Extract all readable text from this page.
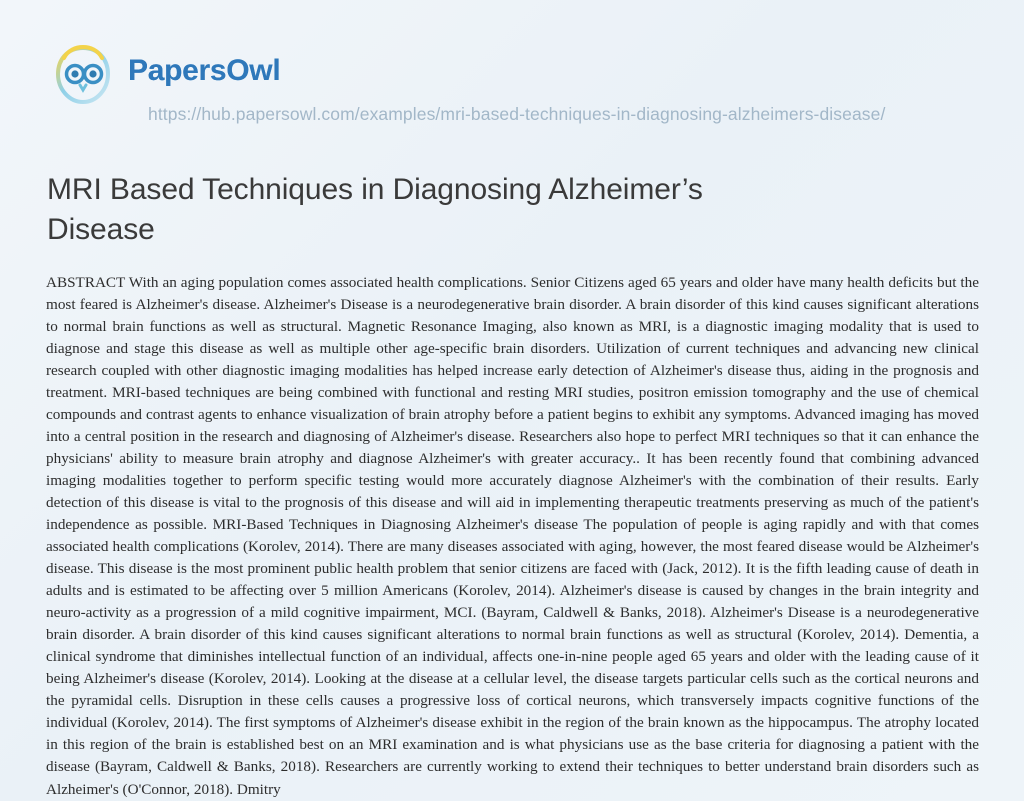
PapersOwl
https://hub.papersowl.com/examples/mri-based-techniques-in-diagnosing-alzheimers-disease/
MRI Based Techniques in Diagnosing Alzheimer’s Disease

ABSTRACT With an aging population comes associated health complications. Senior Citizens aged 65 years and older have many health deficits but the most feared is Alzheimer's disease. Alzheimer's Disease is a neurodegenerative brain disorder. A brain disorder of this kind causes significant alterations to normal brain functions as well as structural. Magnetic Resonance Imaging, also known as MRI, is a diagnostic imaging modality that is used to diagnose and stage this disease as well as multiple other age-specific brain disorders. Utilization of current techniques and advancing new clinical research coupled with other diagnostic imaging modalities has helped increase early detection of Alzheimer's disease thus, aiding in the prognosis and treatment. MRI-based techniques are being combined with functional and resting MRI studies, positron emission tomography and the use of chemical compounds and contrast agents to enhance visualization of brain atrophy before a patient begins to exhibit any symptoms. Advanced imaging has moved into a central position in the research and diagnosing of Alzheimer's disease. Researchers also hope to perfect MRI techniques so that it can enhance the physicians' ability to measure brain atrophy and diagnose Alzheimer's with greater accuracy.. It has been recently found that combining advanced imaging modalities together to perform specific testing would more accurately diagnose Alzheimer's with the combination of their results. Early detection of this disease is vital to the prognosis of this disease and will aid in implementing therapeutic treatments preserving as much of the patient's independence as possible. MRI-Based Techniques in Diagnosing Alzheimer's disease The population of people is aging rapidly and with that comes associated health complications (Korolev, 2014). There are many diseases associated with aging, however, the most feared disease would be Alzheimer's disease. This disease is the most prominent public health problem that senior citizens are faced with (Jack, 2012). It is the fifth leading cause of death in adults and is estimated to be affecting over 5 million Americans (Korolev, 2014). Alzheimer's disease is caused by changes in the brain integrity and neuro-activity as a progression of a mild cognitive impairment, MCI. (Bayram, Caldwell & Banks, 2018). Alzheimer's Disease is a neurodegenerative brain disorder. A brain disorder of this kind causes significant alterations to normal brain functions as well as structural (Korolev, 2014). Dementia, a clinical syndrome that diminishes intellectual function of an individual, affects one-in-nine people aged 65 years and older with the leading cause of it being Alzheimer's disease (Korolev, 2014). Looking at the disease at a cellular level, the disease targets particular cells such as the cortical neurons and the pyramidal cells. Disruption in these cells causes a progressive loss of cortical neurons, which transversely impacts cognitive functions of the individual (Korolev, 2014). The first symptoms of Alzheimer's disease exhibit in the region of the brain known as the hippocampus. The atrophy located in this region of the brain is established best on an MRI examination and is what physicians use as the base criteria for diagnosing a patient with the disease (Bayram, Caldwell & Banks, 2018). Researchers are currently working to extend their techniques to better understand brain disorders such as Alzheimer's (O'Connor, 2018). Dmitry
